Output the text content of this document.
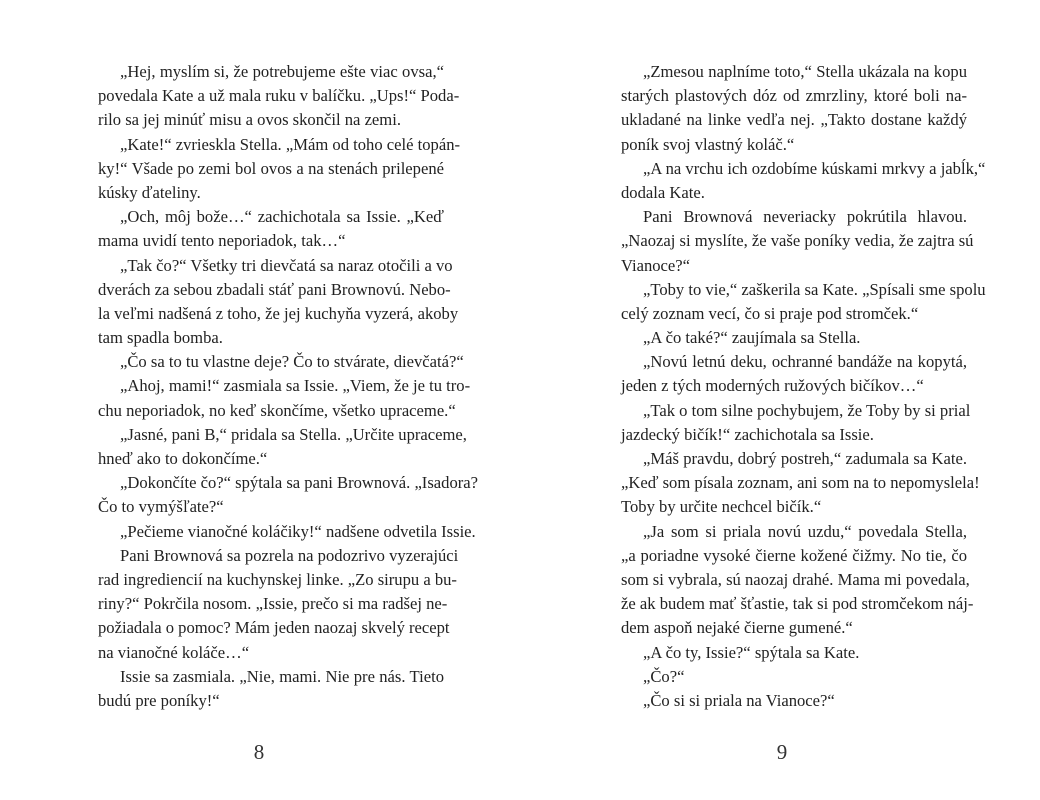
„Hej, myslím si, že potrebujeme ešte viac ovsa,“
povedala Kate a už mala ruku v balíčku. „Ups!“ Poda-
rilo sa jej minúť misu a ovos skončil na zemi.
„Kate!“ zvrieskla Stella. „Mám od toho celé topán-
ky!“ Všade po zemi bol ovos a na stenách prilepené
kúsky ďateliny.
„Och, môj bože…“ zachichotala sa Issie. „Keď
mama uvidí tento neporiadok, tak…“
„Tak čo?“ Všetky tri dievčatá sa naraz otočili a vo
dverách za sebou zbadali stáť pani Brownovú. Nebo-
la veľmi nadšená z toho, že jej kuchyňa vyzerá, akoby
tam spadla bomba.
„Čo sa to tu vlastne deje? Čo to stvárate, dievčatá?“
„Ahoj, mami!“ zasmiala sa Issie. „Viem, že je tu tro-
chu neporiadok, no keď skončíme, všetko upraceme.“
„Jasné, pani B,“ pridala sa Stella. „Určite upraceme,
hneď ako to dokončíme.“
„Dokončíte čo?“ spýtala sa pani Brownová. „Isadora?
Čo to vymýšľate?“
„Pečieme vianočné koláčiky!“ nadšene odvetila Issie.
Pani Brownová sa pozrela na podozrivo vyzerajúci
rad ingrediencií na kuchynskej linke. „Zo sirupu a bu-
riny?“ Pokrčila nosom. „Issie, prečo si ma radšej ne-
požiadala o pomoc? Mám jeden naozaj skvelý recept
na vianočné koláče…“
Issie sa zasmiala. „Nie, mami. Nie pre nás. Tieto
budú pre poníky!“
8
„Zmesou naplníme toto,“ Stella ukázala na kopu
starých plastových dóz od zmrzliny, ktoré boli na-
ukladané na linke vedľa nej. „Takto dostane každý
poník svoj vlastný koláč.“
„A na vrchu ich ozdobíme kúskami mrkvy a jabĺk,“
dodala Kate.
Pani Brownová neveriacky pokrútila hlavou.
„Naozaj si myslíte, že vaše poníky vedia, že zajtra sú
Vianoce?“
„Toby to vie,“ zaškerila sa Kate. „Spísali sme spolu
celý zoznam vecí, čo si praje pod stromček.“
„A čo také?“ zaujímala sa Stella.
„Novú letnú deku, ochranné bandáže na kopytá,
jeden z tých moderných ružových bičíkov…“
„Tak o tom silne pochybujem, že Toby by si prial
jazdecký bičík!“ zachichotala sa Issie.
„Máš pravdu, dobrý postreh,“ zadumala sa Kate.
„Keď som písala zoznam, ani som na to nepomyslela!
Toby by určite nechcel bičík.“
„Ja som si priala novú uzdu,“ povedala Stella,
„a poriadne vysoké čierne kožené čižmy. No tie, čo
som si vybrala, sú naozaj drahé. Mama mi povedala,
že ak budem mať šťastie, tak si pod stromčekom náj-
dem aspoň nejaké čierne gumené.“
„A čo ty, Issie?“ spýtala sa Kate.
„Čo?“
„Čo si si priala na Vianoce?“
9
